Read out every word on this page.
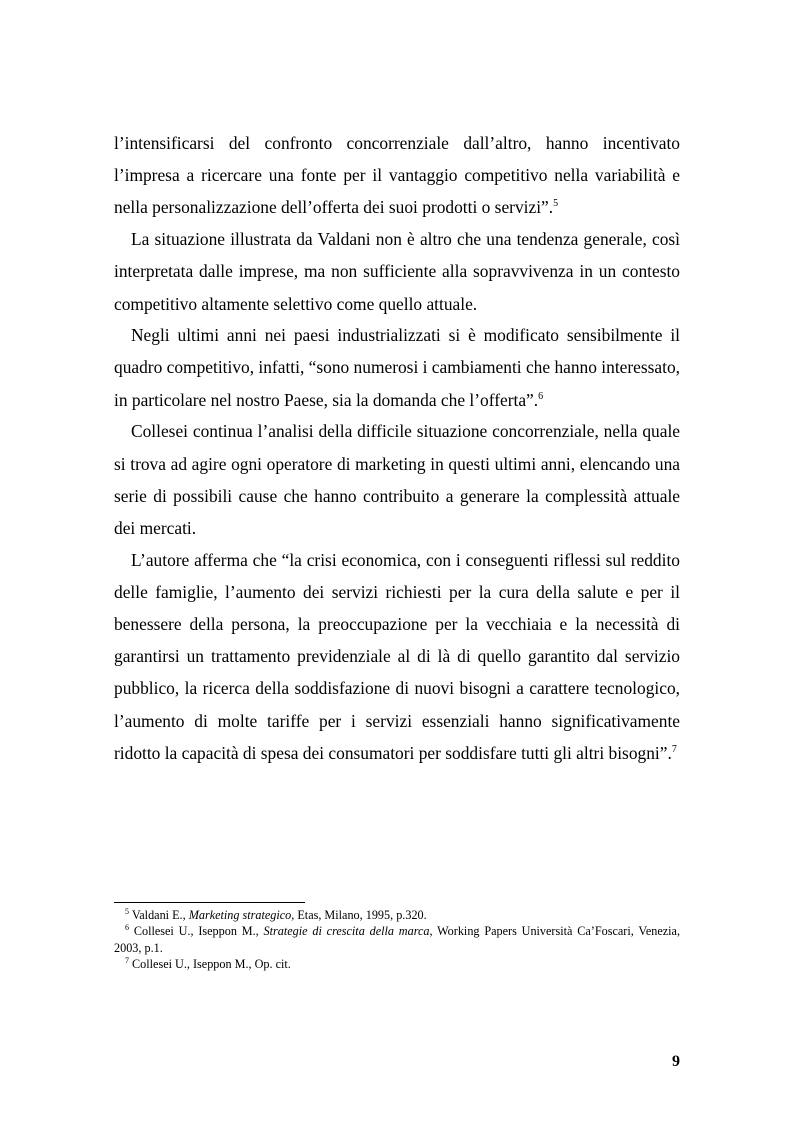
l’intensificarsi del confronto concorrenziale dall’altro, hanno incentivato l’impresa a ricercare una fonte per il vantaggio competitivo nella variabilità e nella personalizzazione dell’offerta dei suoi prodotti o servizi”.$^5$

La situazione illustrata da Valdani non è altro che una tendenza generale, così interpretata dalle imprese, ma non sufficiente alla sopravvivenza in un contesto competitivo altamente selettivo come quello attuale.

Negli ultimi anni nei paesi industrializzati si è modificato sensibilmente il quadro competitivo, infatti, “sono numerosi i cambiamenti che hanno interessato, in particolare nel nostro Paese, sia la domanda che l’offerta”.$^6$

Collesei continua l’analisi della difficile situazione concorrenziale, nella quale si trova ad agire ogni operatore di marketing in questi ultimi anni, elencando una serie di possibili cause che hanno contribuito a generare la complessità attuale dei mercati.

L’autore afferma che “la crisi economica, con i conseguenti riflessi sul reddito delle famiglie, l’aumento dei servizi richiesti per la cura della salute e per il benessere della persona, la preoccupazione per la vecchiaia e la necessità di garantirsi un trattamento previdenziale al di là di quello garantito dal servizio pubblico, la ricerca della soddisfazione di nuovi bisogni a carattere tecnologico, l’aumento di molte tariffe per i servizi essenziali hanno significativamente ridotto la capacità di spesa dei consumatori per soddisfare tutti gli altri bisogni”.$^7$

$^5$ Valdani E., Marketing strategico, Etas, Milano, 1995, p.320.

$^6$ Collesei U., Iseppon M., Strategie di crescita della marca, Working Papers Università Ca’Foscari, Venezia, 2003, p.1.

$^7$ Collesei U., Iseppon M., Op. cit.

9
